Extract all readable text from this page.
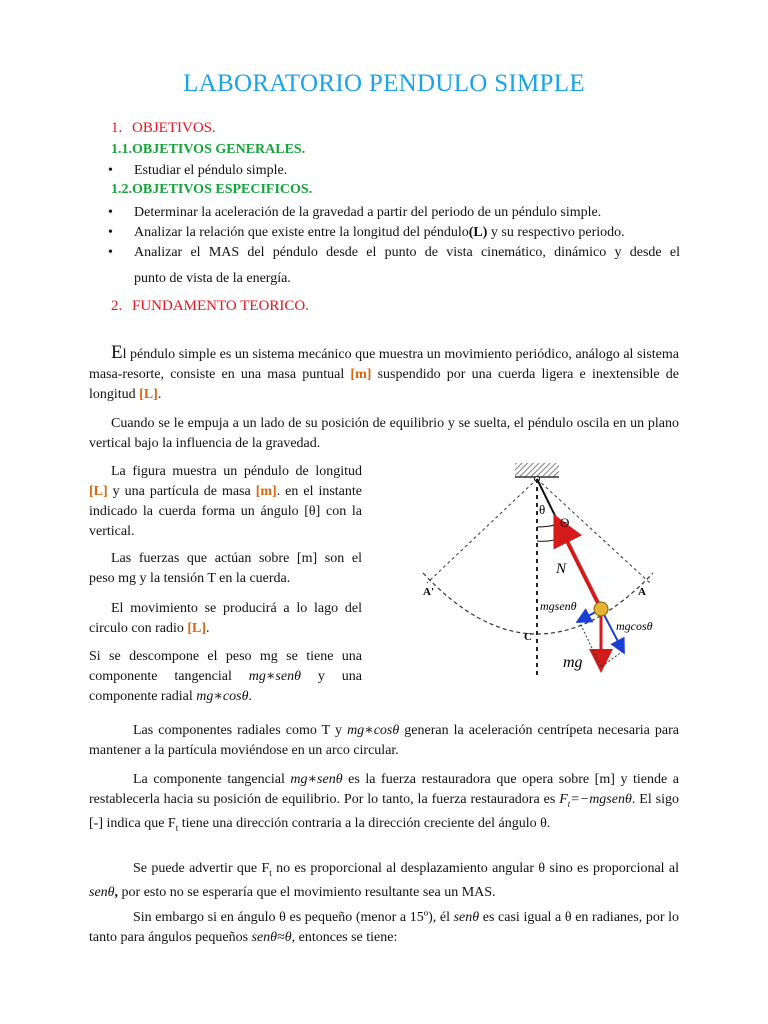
LABORATORIO PENDULO SIMPLE
1. OBJETIVOS.
1.1.OBJETIVOS GENERALES.
• Estudiar el péndulo simple.
1.2.OBJETIVOS ESPECIFICOS.
• Determinar la aceleración de la gravedad a partir del periodo de un péndulo simple.
• Analizar la relación que existe entre la longitud del péndulo(L) y su respectivo periodo.
• Analizar el MAS del péndulo desde el punto de vista cinemático, dinámico y desde el
punto de vista de la energía.
2. FUNDAMENTO TEORICO.
El péndulo simple es un sistema mecánico que muestra un movimiento periódico, análogo al sistema masa-resorte, consiste en una masa puntual [m] suspendido por una cuerda ligera e inextensible de longitud [L].
Cuando se le empuja a un lado de su posición de equilibrio y se suelta, el péndulo oscila en un plano vertical bajo la influencia de la gravedad.
La figura muestra un péndulo de longitud [L] y una partícula de masa [m]. en el instante indicado la cuerda forma un ángulo [θ] con la vertical.
Las fuerzas que actúan sobre [m] son el peso mg y la tensión T en la cuerda.
El movimiento se producirá a lo lago del circulo con radio [L].
Si se descompone el peso mg se tiene una componente tangencial mg∗senθ y una componente radial mg∗cosθ.
θ
Θ
N
A'	A
C
mgsenθ
mgcosθ
mg
Las componentes radiales como T y mg∗cosθ generan la aceleración centrípeta necesaria para mantener a la partícula moviéndose en un arco circular.
La componente tangencial mg∗senθ es la fuerza restauradora que opera sobre [m] y tiende a restablecerla hacia su posición de equilibrio. Por lo tanto, la fuerza restauradora es $F_t=-mgsen\theta$. El sigo [-] indica que $F_t$ tiene una dirección contraria a la dirección creciente del ángulo θ.
Se puede advertir que $F_t$ no es proporcional al desplazamiento angular θ sino es proporcional al senθ, por esto no se esperaría que el movimiento resultante sea un MAS.
Sin embargo si en ángulo θ es pequeño (menor a 15º), él senθ es casi igual a θ en radianes, por lo tanto para ángulos pequeños senθ≈θ, entonces se tiene:
